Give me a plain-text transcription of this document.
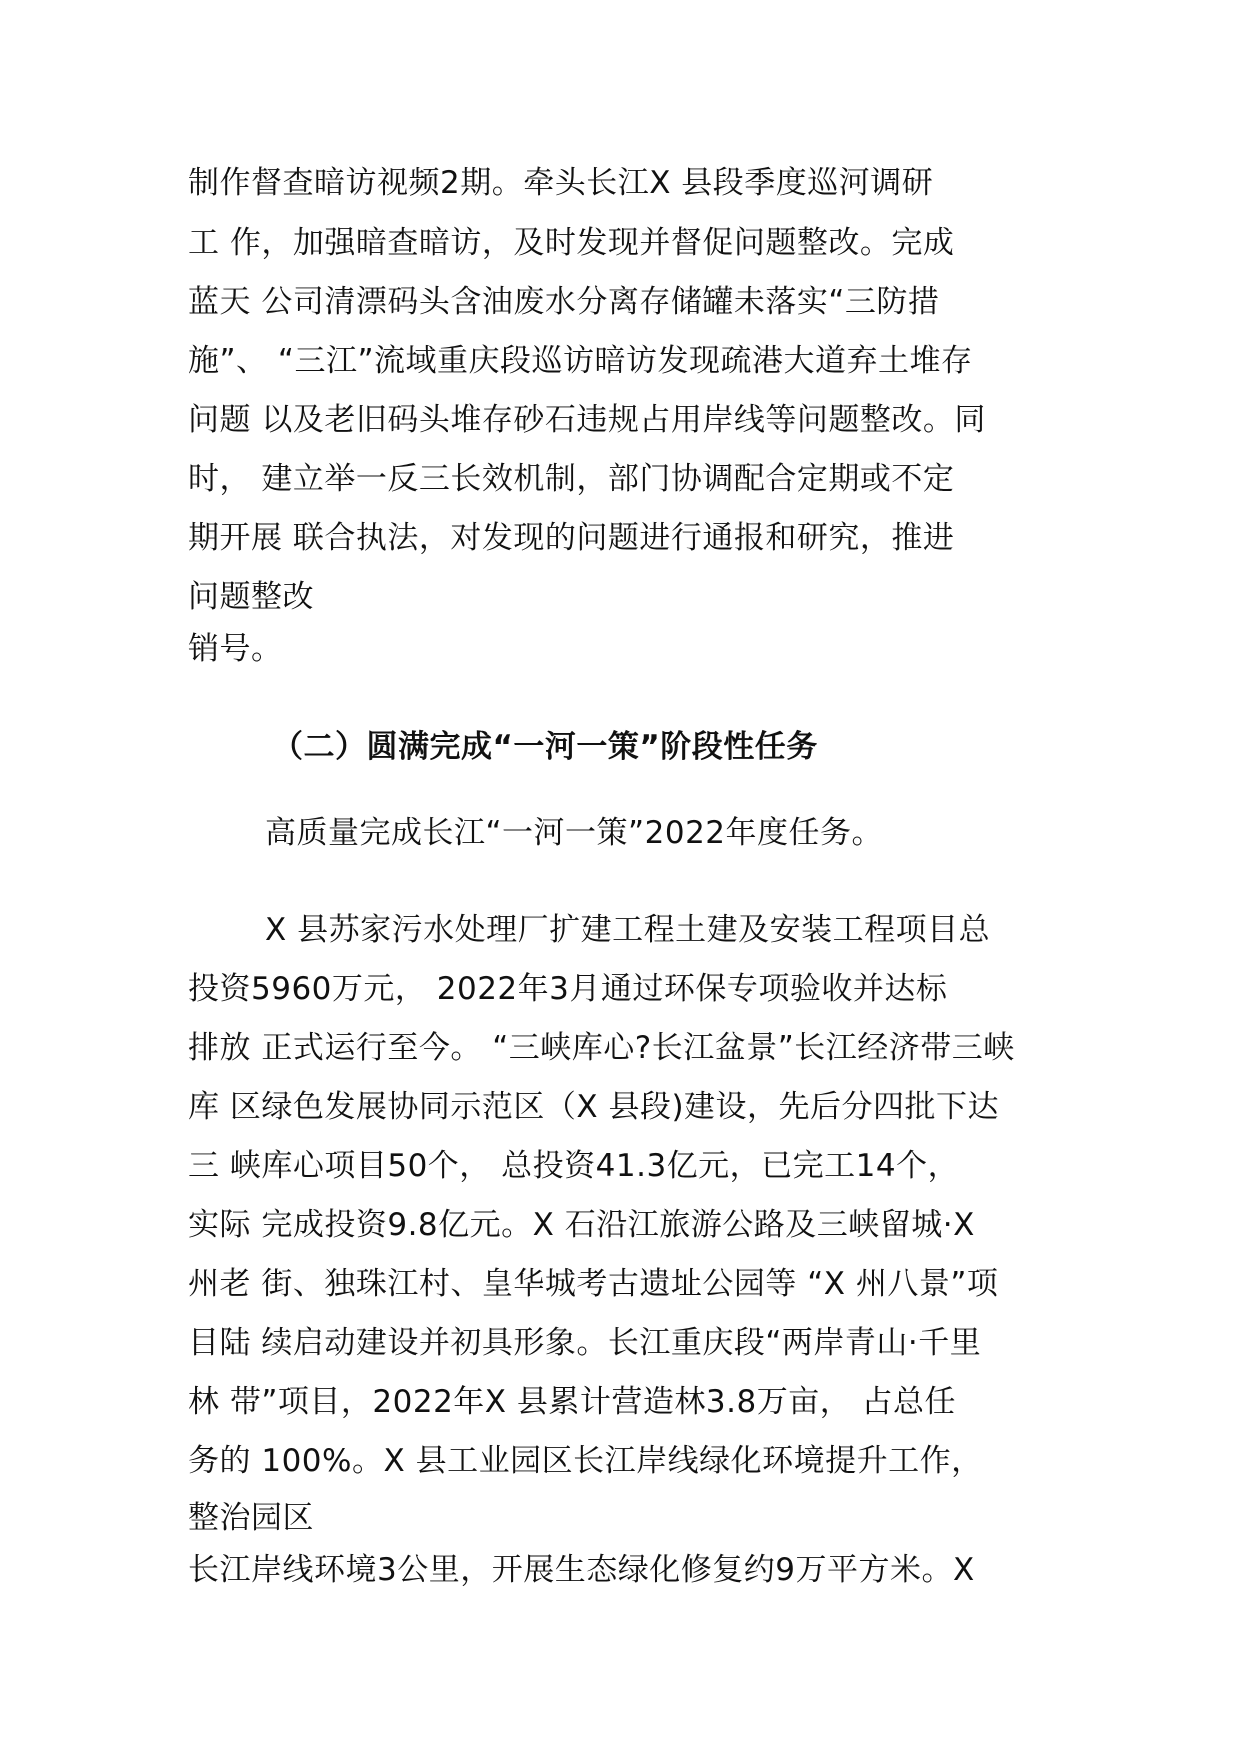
制作督查暗访视频2期。牵头长江X 县段季度巡河调研
工 作，加强暗查暗访，及时发现并督促问题整改。完成
蓝天 公司清漂码头含油废水分离存储罐未落实“三防措
施”、 “三江”流域重庆段巡访暗访发现疏港大道弃土堆存
问题 以及老旧码头堆存砂石违规占用岸线等问题整改。同
时， 建立举一反三长效机制，部门协调配合定期或不定
期开展 联合执法，对发现的问题进行通报和研究，推进
问题整改
销号。
（二）圆满完成“一河一策”阶段性任务
高质量完成长江“一河一策”2022年度任务。
X 县苏家污水处理厂扩建工程土建及安装工程项目总
投资5960万元， 2022年3月通过环保专项验收并达标
排放 正式运行至今。 “三峡库心?长江盆景”长江经济带三峡
库 区绿色发展协同示范区（X 县段)建设，先后分四批下达
三 峡库心项目50个， 总投资41.3亿元，已完工14个，
实际 完成投资9.8亿元。X 石沿江旅游公路及三峡留城·X
州老 街、独珠江村、皇华城考古遗址公园等 “X 州八景”项
目陆 续启动建设并初具形象。长江重庆段“两岸青山·千里
林 带”项目，2022年X 县累计营造林3.8万亩， 占总任
务的 100%。X 县工业园区长江岸线绿化环境提升工作，
整治园区
长江岸线环境3公里，开展生态绿化修复约9万平方米。X
